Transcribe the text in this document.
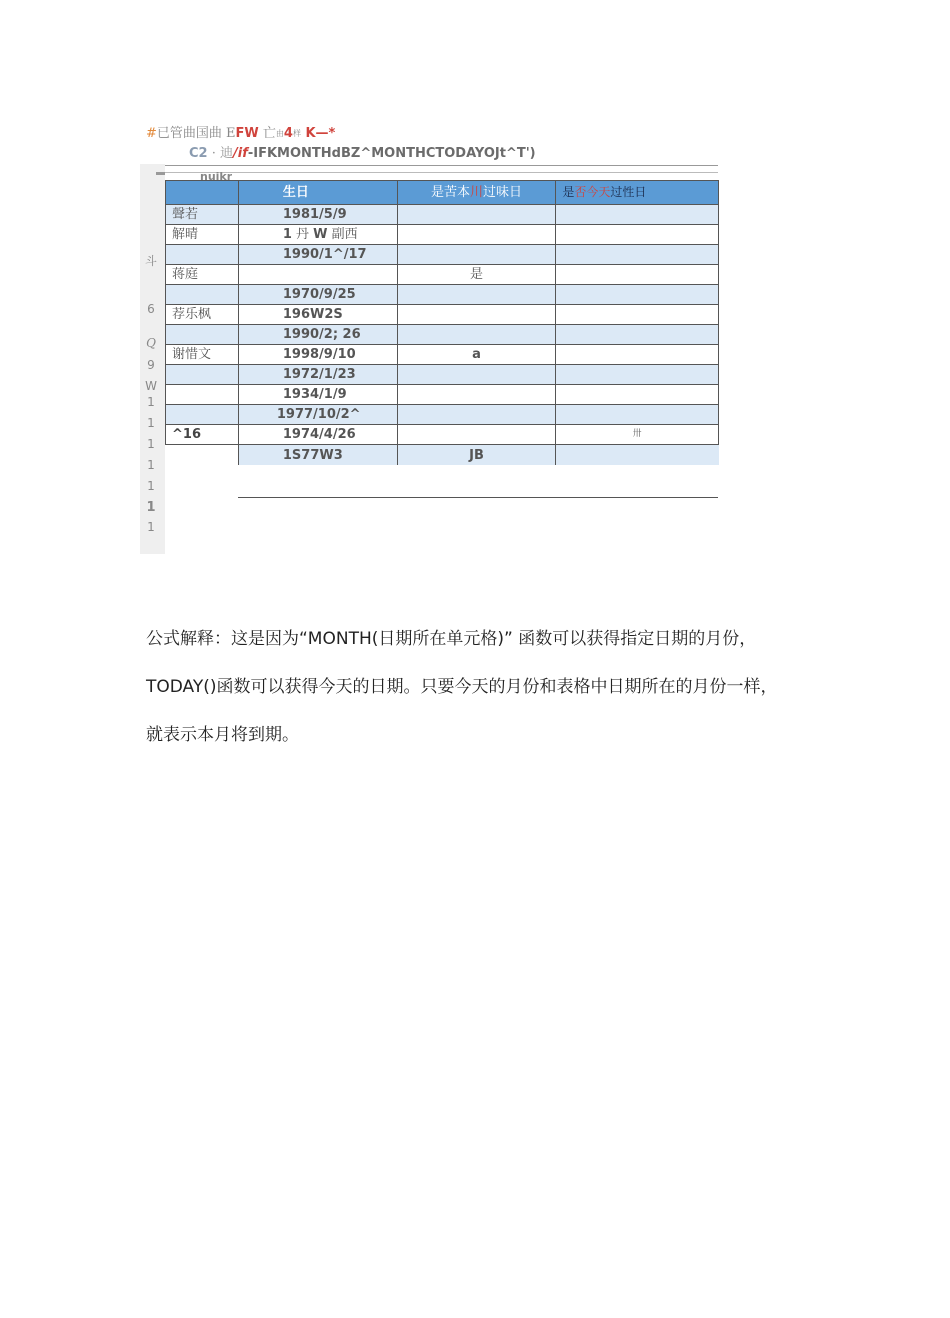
#已管曲国曲 EFW 亡由4样 K—*
C2 · 迪/if-IFKMONTHdBZ^MONTHCTODAYOJt^T')
nuikr
斗
6
Q
9
W
1
1
1
1
1
1
1
	生日	是苦本川过味日	是否今天过性日
聲若	1981/5/9		
解晴	1 丹 W 副西		
	1990/1^/17		
蒋庭		是	
	1970/9/25		
荐乐枫	196W2S		
	1990/2; 26		
谢惜文	1998/9/10	a	
	1972/1/23		
	1934/1/9		
	1977/10/2^		
^16	1974/4/26		卅
	1S77W3	JB	
公式解释：这是因为“MONTH(日期所在单元格)” 函数可以获得指定日期的月份，
TODAY()函数可以获得今天的日期。只要今天的月份和表格中日期所在的月份一样，
就表示本月将到期。
